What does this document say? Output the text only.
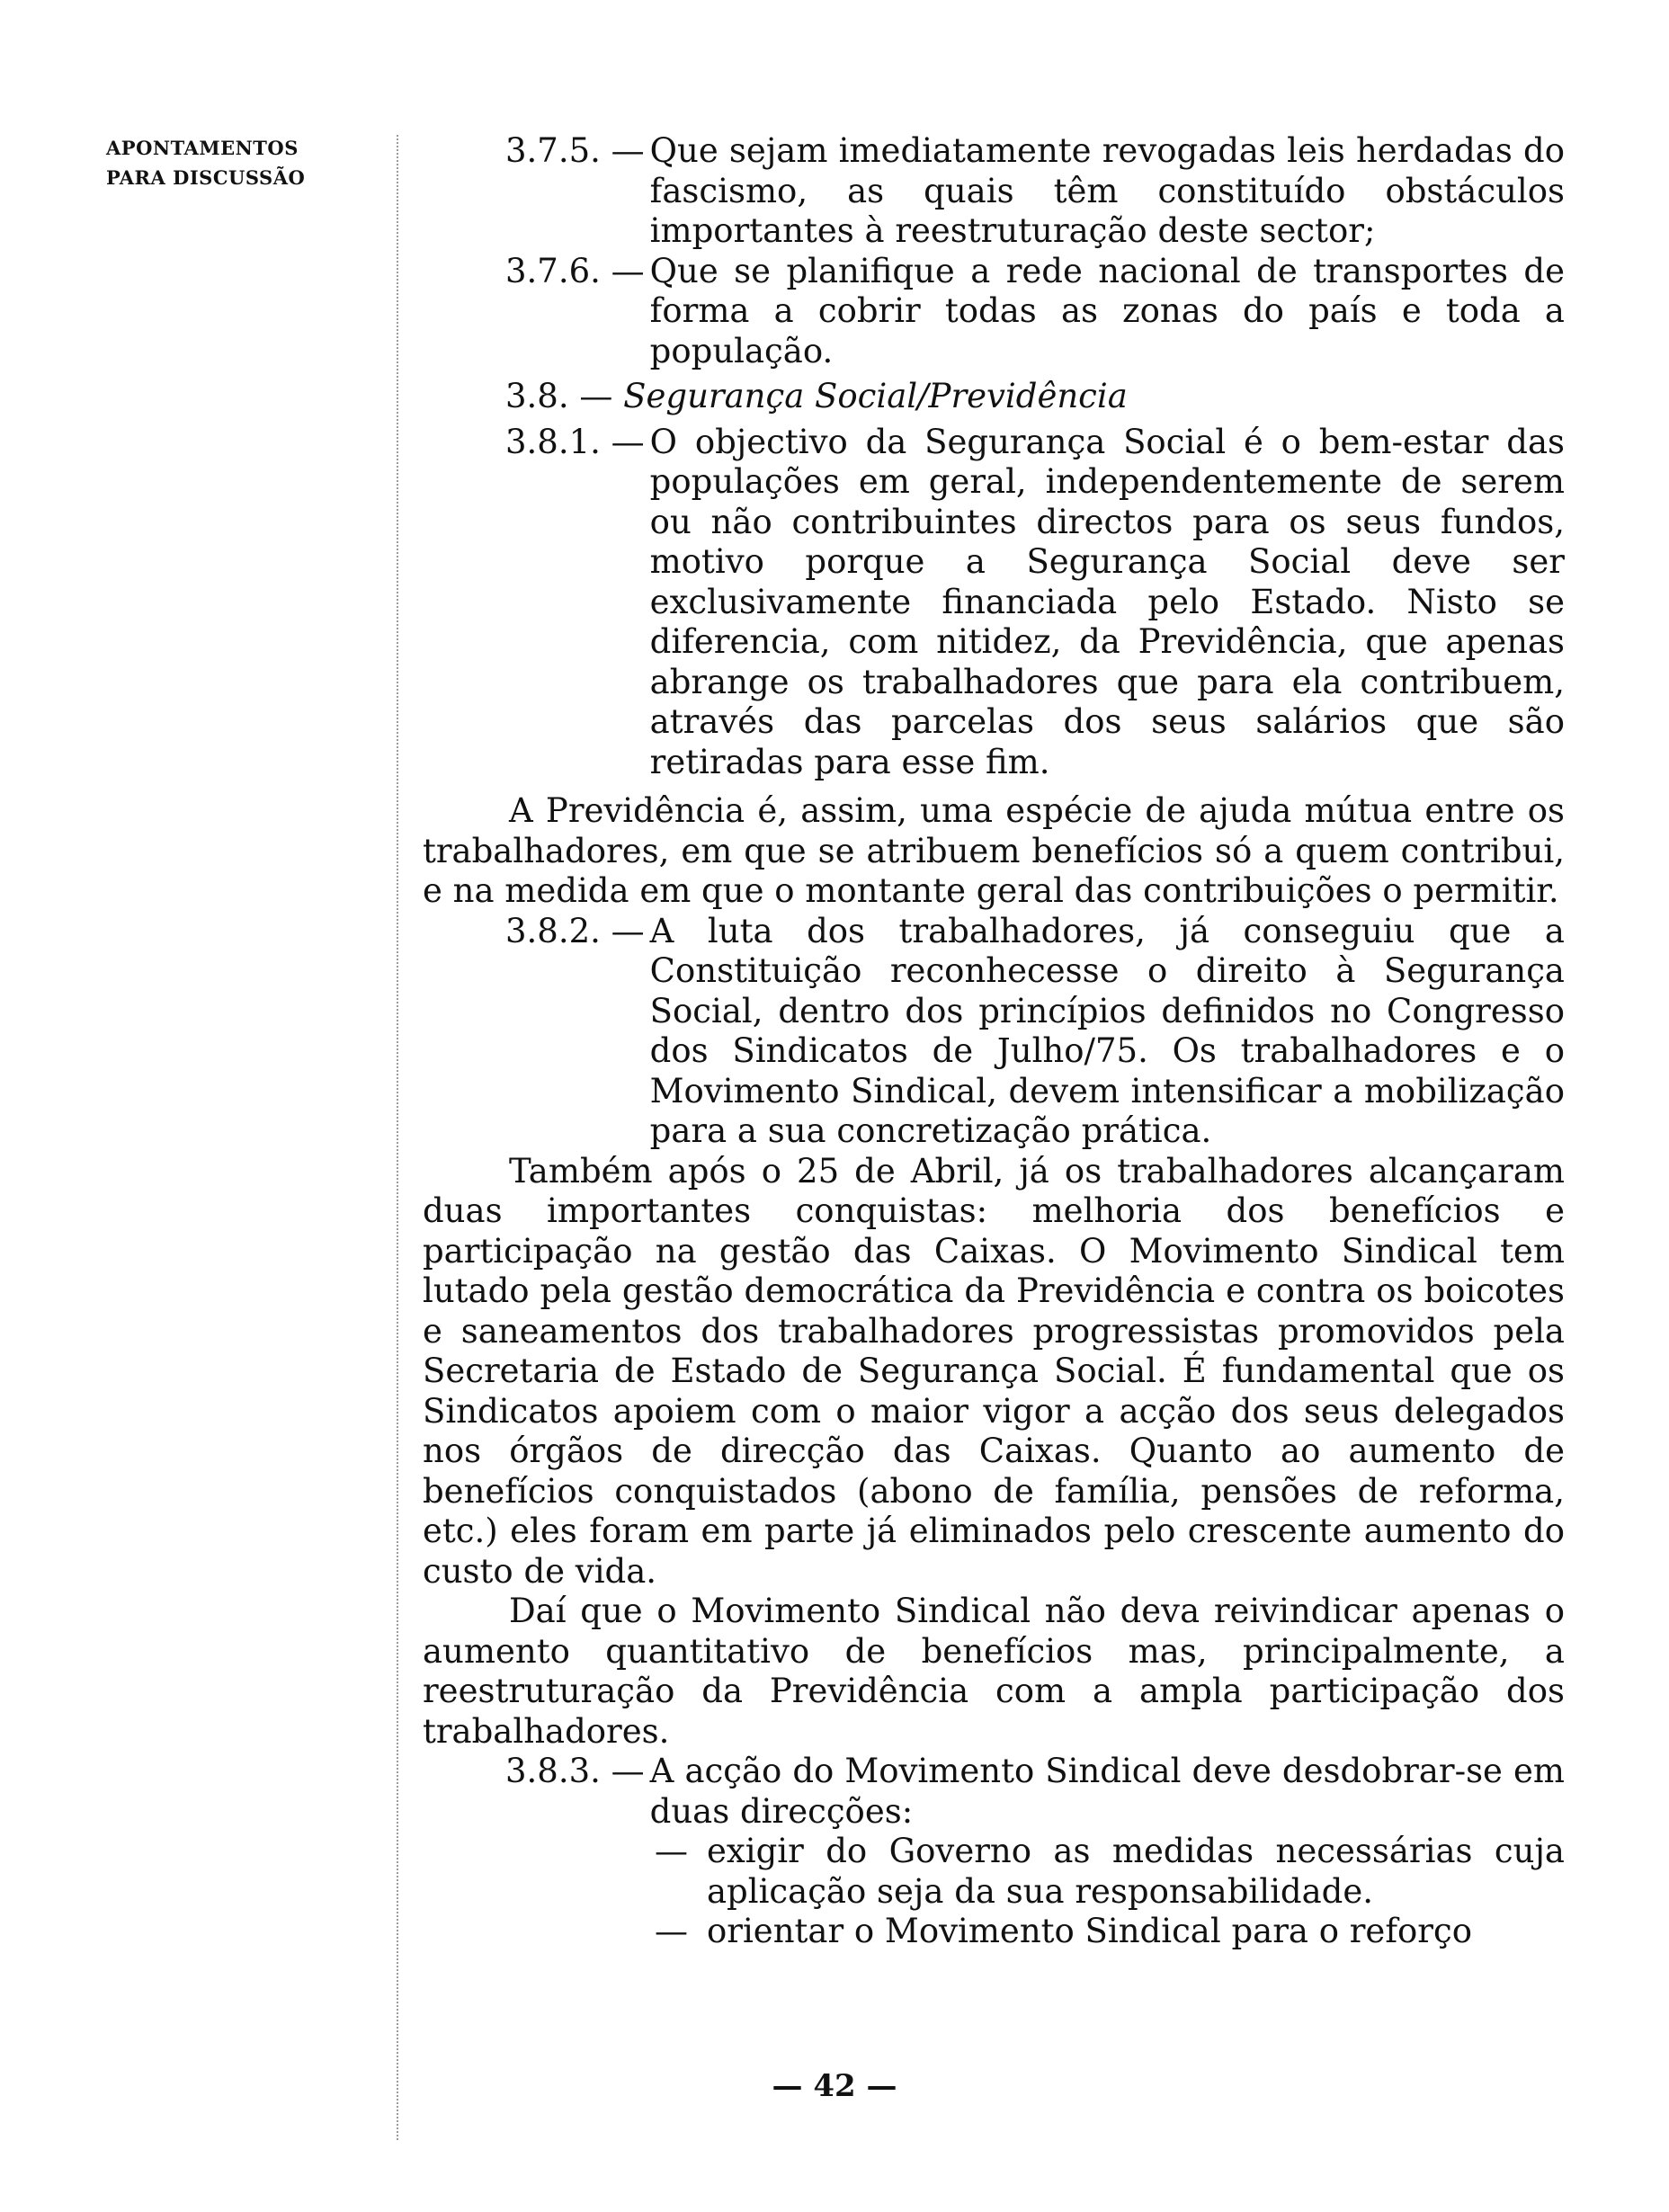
APONTAMENTOS
PARA DISCUSSÃO
3.7.5. — Que sejam imediatamente revogadas leis herdadas do fascismo, as quais têm constituído obstáculos importantes à reestruturação deste sector;
3.7.6. — Que se planifique a rede nacional de transportes de forma a cobrir todas as zonas do país e toda a população.
3.8. — Segurança Social/Previdência
3.8.1. — O objectivo da Segurança Social é o bem-estar das populações em geral, independentemente de serem ou não contribuintes directos para os seus fundos, motivo porque a Segurança Social deve ser exclusivamente financiada pelo Estado. Nisto se diferencia, com nitidez, da Previdência, que apenas abrange os trabalhadores que para ela contribuem, através das parcelas dos seus salários que são retiradas para esse fim.

A Previdência é, assim, uma espécie de ajuda mútua entre os trabalhadores, em que se atribuem benefícios só a quem contribui, e na medida em que o montante geral das contribuições o permitir.

3.8.2. — A luta dos trabalhadores, já conseguiu que a Constituição reconhecesse o direito à Segurança Social, dentro dos princípios definidos no Congresso dos Sindicatos de Julho/75. Os trabalhadores e o Movimento Sindical, devem intensificar a mobilização para a sua concretização prática.

Também após o 25 de Abril, já os trabalhadores alcançaram duas importantes conquistas: melhoria dos benefícios e participação na gestão das Caixas. O Movimento Sindical tem lutado pela gestão democrática da Previdência e contra os boicotes e saneamentos dos trabalhadores progressistas promovidos pela Secretaria de Estado de Segurança Social. É fundamental que os Sindicatos apoiem com o maior vigor a acção dos seus delegados nos órgãos de direcção das Caixas. Quanto ao aumento de benefícios conquistados (abono de família, pensões de reforma, etc.) eles foram em parte já eliminados pelo crescente aumento do custo de vida.

Daí que o Movimento Sindical não deva reivindicar apenas o aumento quantitativo de benefícios mas, principalmente, a reestruturação da Previdência com a ampla participação dos trabalhadores.

3.8.3. — A acção do Movimento Sindical deve desdobrar-se em duas direcções:
— exigir do Governo as medidas necessárias cuja aplicação seja da sua responsabilidade.
— orientar o Movimento Sindical para o reforço
— 42 —
